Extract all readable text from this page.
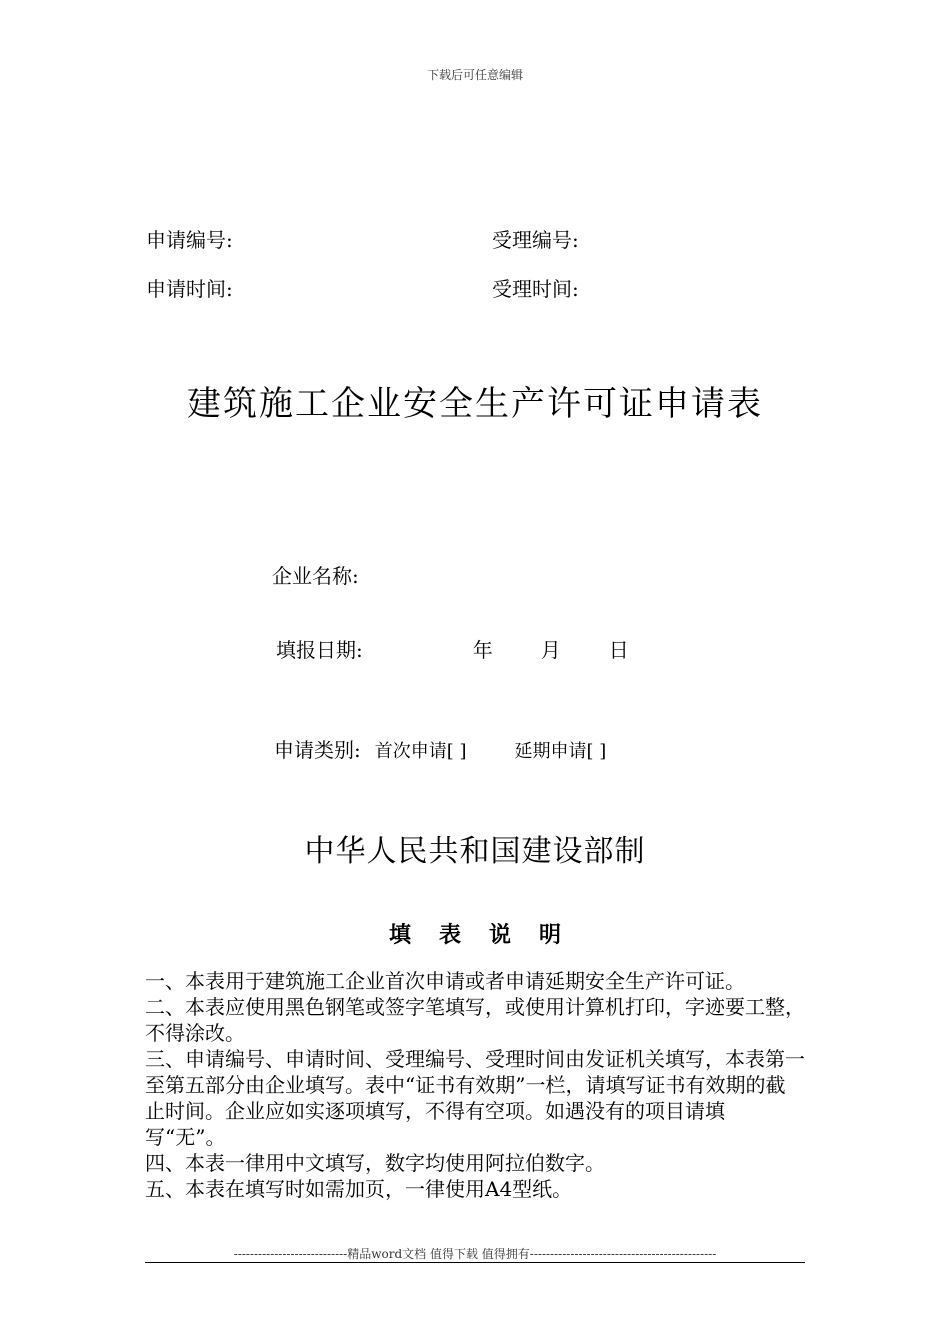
下载后可任意编辑
申请编号:	受理编号:
申请时间:	受理时间:
建筑施工企业安全生产许可证申请表
企业名称:
填报日期:	年 月 日
申请类别: 首次申请[ ]	延期申请[ ]
中华人民共和国建设部制
填 表 说 明

一、本表用于建筑施工企业首次申请或者申请延期安全生产许可证。

二、本表应使用黑色钢笔或签字笔填写，或使用计算机打印，字迹要工整，不得涂改。

三、申请编号、申请时间、受理编号、受理时间由发证机关填写，本表第一至第五部分由企业填写。表中“证书有效期”一栏，请填写证书有效期的截止时间。企业应如实逐项填写，不得有空项。如遇没有的项目请填写“无”。

四、本表一律用中文填写，数字均使用阿拉伯数字。

五、本表在填写时如需加页，一律使用A4型纸。

----------------------------精品word文档 值得下载 值得拥有----------------------------------------------
